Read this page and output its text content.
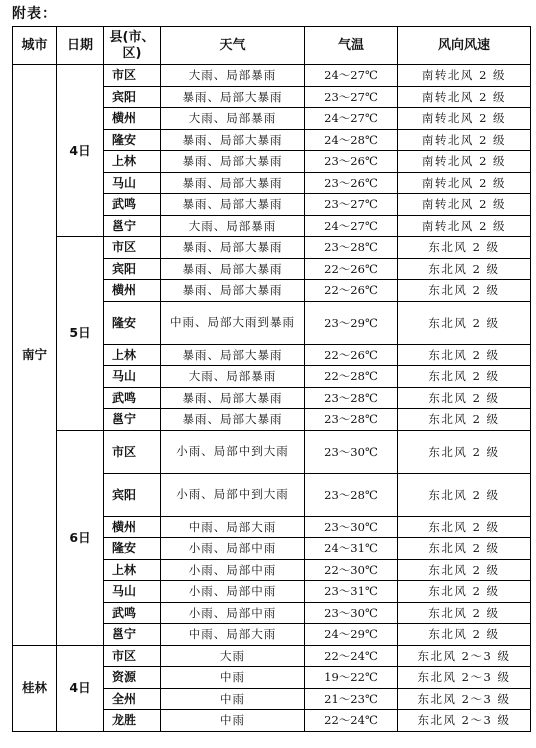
附表：
城市	日期	县(市、区)	天气	气温	风向风速
南宁	4日	市区	大雨、局部暴雨	24～27℃	南转北风 2 级
		宾阳	暴雨、局部大暴雨	23～27℃	南转北风 2 级
		横州	大雨、局部暴雨	24～27℃	南转北风 2 级
		隆安	暴雨、局部大暴雨	24～28℃	南转北风 2 级
		上林	暴雨、局部大暴雨	23～26℃	南转北风 2 级
		马山	暴雨、局部大暴雨	23～26℃	南转北风 2 级
		武鸣	暴雨、局部大暴雨	23～27℃	南转北风 2 级
		邕宁	大雨、局部暴雨	24～27℃	南转北风 2 级
	5日	市区	暴雨、局部大暴雨	23～28℃	东北风 2 级
		宾阳	暴雨、局部大暴雨	22～26℃	东北风 2 级
		横州	暴雨、局部大暴雨	22～26℃	东北风 2 级
		隆安	中雨、局部大雨到暴雨	23～29℃	东北风 2 级
		上林	暴雨、局部大暴雨	22～26℃	东北风 2 级
		马山	大雨、局部暴雨	22～28℃	东北风 2 级
		武鸣	暴雨、局部大暴雨	23～28℃	东北风 2 级
		邕宁	暴雨、局部大暴雨	23～28℃	东北风 2 级
	6日	市区	小雨、局部中到大雨	23～30℃	东北风 2 级
		宾阳	小雨、局部中到大雨	23～28℃	东北风 2 级
		横州	中雨、局部大雨	23～30℃	东北风 2 级
		隆安	小雨、局部中雨	24～31℃	东北风 2 级
		上林	小雨、局部中雨	22～30℃	东北风 2 级
		马山	小雨、局部中雨	23～31℃	东北风 2 级
		武鸣	小雨、局部中雨	23～30℃	东北风 2 级
		邕宁	中雨、局部大雨	24～29℃	东北风 2 级
桂林	4日	市区	大雨	22～24℃	东北风 2～3 级
		资源	中雨	19～22℃	东北风 2～3 级
		全州	中雨	21～23℃	东北风 2～3 级
		龙胜	中雨	22～24℃	东北风 2～3 级
